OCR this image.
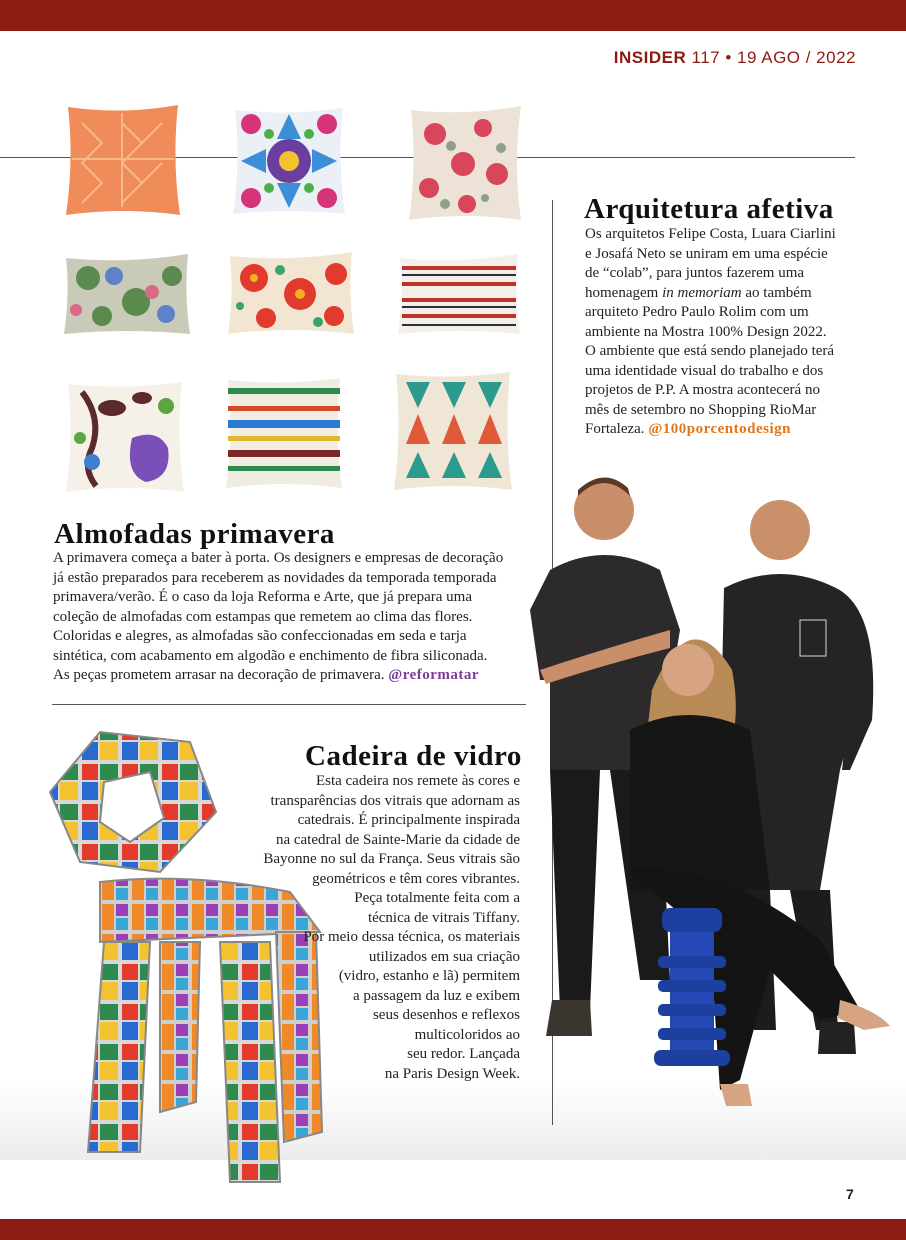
INSIDER 117 • 19 AGO / 2022
Almofadas primavera
A primavera começa a bater à porta. Os designers e empresas de decoração
já estão preparados para receberem as novidades da temporada temporada
primavera/verão. É o caso da loja Reforma e Arte, que já prepara uma
coleção de almofadas com estampas que remetem ao clima das flores.
Coloridas e alegres, as almofadas são confeccionadas em seda e tarja
sintética, com acabamento em algodão e enchimento de fibra siliconada.
As peças prometem arrasar na decoração de primavera. @reformatar
Arquitetura afetiva
Os arquitetos Felipe Costa, Luara Ciarlini
e Josafá Neto se uniram em uma espécie
de “colab”, para juntos fazerem uma
homenagem in memoriam ao também
arquiteto Pedro Paulo Rolim com um
ambiente na Mostra 100% Design 2022.
O ambiente que está sendo planejado terá
uma identidade visual do trabalho e dos
projetos de P.P. A mostra acontecerá no
mês de setembro no Shopping RioMar
Fortaleza. @100porcentodesign
Cadeira de vidro
Esta cadeira nos remete às cores e
transparências dos vitrais que adornam as
catedrais. É principalmente inspirada
na catedral de Sainte-Marie da cidade de
Bayonne no sul da França. Seus vitrais são
geométricos e têm cores vibrantes.
Peça totalmente feita com a
técnica de vitrais Tiffany.
Por meio dessa técnica, os materiais
utilizados em sua criação
(vidro, estanho e lã) permitem
a passagem da luz e exibem
seus desenhos e reflexos
multicoloridos ao
seu redor. Lançada
na Paris Design Week.
7
